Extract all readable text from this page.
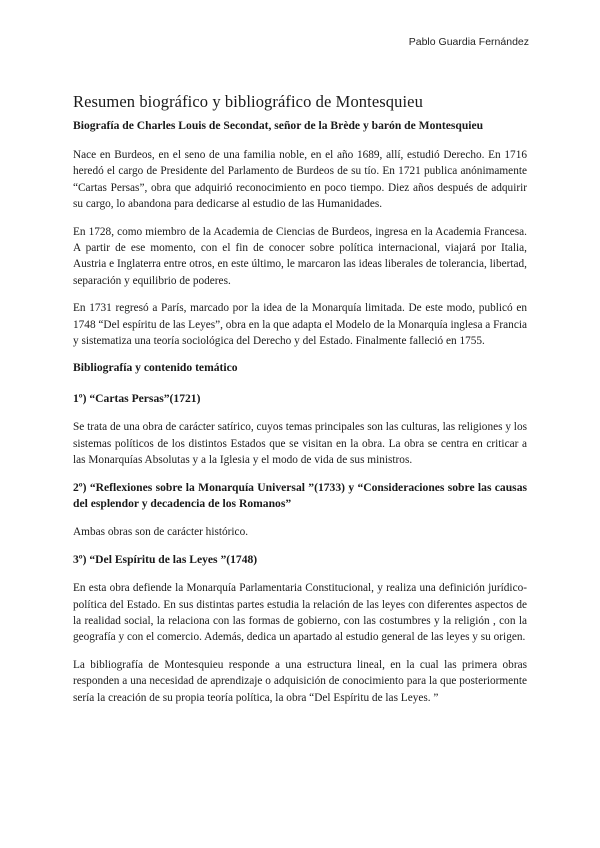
Pablo Guardia Fernández
Resumen biográfico y bibliográfico de Montesquieu
Biografía de Charles Louis de Secondat, señor de la Brède y barón de Montesquieu

Nace en Burdeos, en el seno de una familia noble, en el año 1689, allí, estudió Derecho. En 1716 heredó el cargo de Presidente del Parlamento de Burdeos de su tío. En 1721 publica anónimamente “Cartas Persas”, obra que adquirió reconocimiento en poco tiempo. Diez años después de adquirir su cargo, lo abandona para dedicarse al estudio de las Humanidades.

En 1728, como miembro de la Academia de Ciencias de Burdeos, ingresa en la Academia Francesa. A partir de ese momento, con el fin de conocer sobre política internacional, viajará por Italia, Austria e Inglaterra entre otros, en este último, le marcaron las ideas liberales de tolerancia, libertad, separación y equilibrio de poderes.

En 1731 regresó a París, marcado por la idea de la Monarquía limitada. De este modo, publicó en 1748 “Del espíritu de las Leyes”, obra en la que adapta el Modelo de la Monarquía inglesa a Francia y sistematiza una teoría sociológica del Derecho y del Estado. Finalmente falleció en 1755.

Bibliografía y contenido temático
1º) “Cartas Persas”(1721)

Se trata de una obra de carácter satírico, cuyos temas principales son las culturas, las religiones y los sistemas políticos de los distintos Estados que se visitan en la obra. La obra se centra en criticar a las Monarquías Absolutas y a la Iglesia y el modo de vida de sus ministros.

2º) “Reflexiones sobre la Monarquía Universal ”(1733) y “Consideraciones sobre las causas del esplendor y decadencia de los Romanos”

Ambas obras son de carácter histórico.

3º) “Del Espíritu de las Leyes ”(1748)

En esta obra defiende la Monarquía Parlamentaria Constitucional, y realiza una definición jurídico-política del Estado. En sus distintas partes estudia la relación de las leyes con diferentes aspectos de la realidad social, la relaciona con las formas de gobierno, con las costumbres y la religión , con la geografía y con el comercio. Además, dedica un apartado al estudio general de las leyes y su origen.

La bibliografía de Montesquieu responde a una estructura lineal, en la cual las primera obras responden a una necesidad de aprendizaje o adquisición de conocimiento para la que posteriormente sería la creación de su propia teoría política, la obra “Del Espíritu de las Leyes. ”
